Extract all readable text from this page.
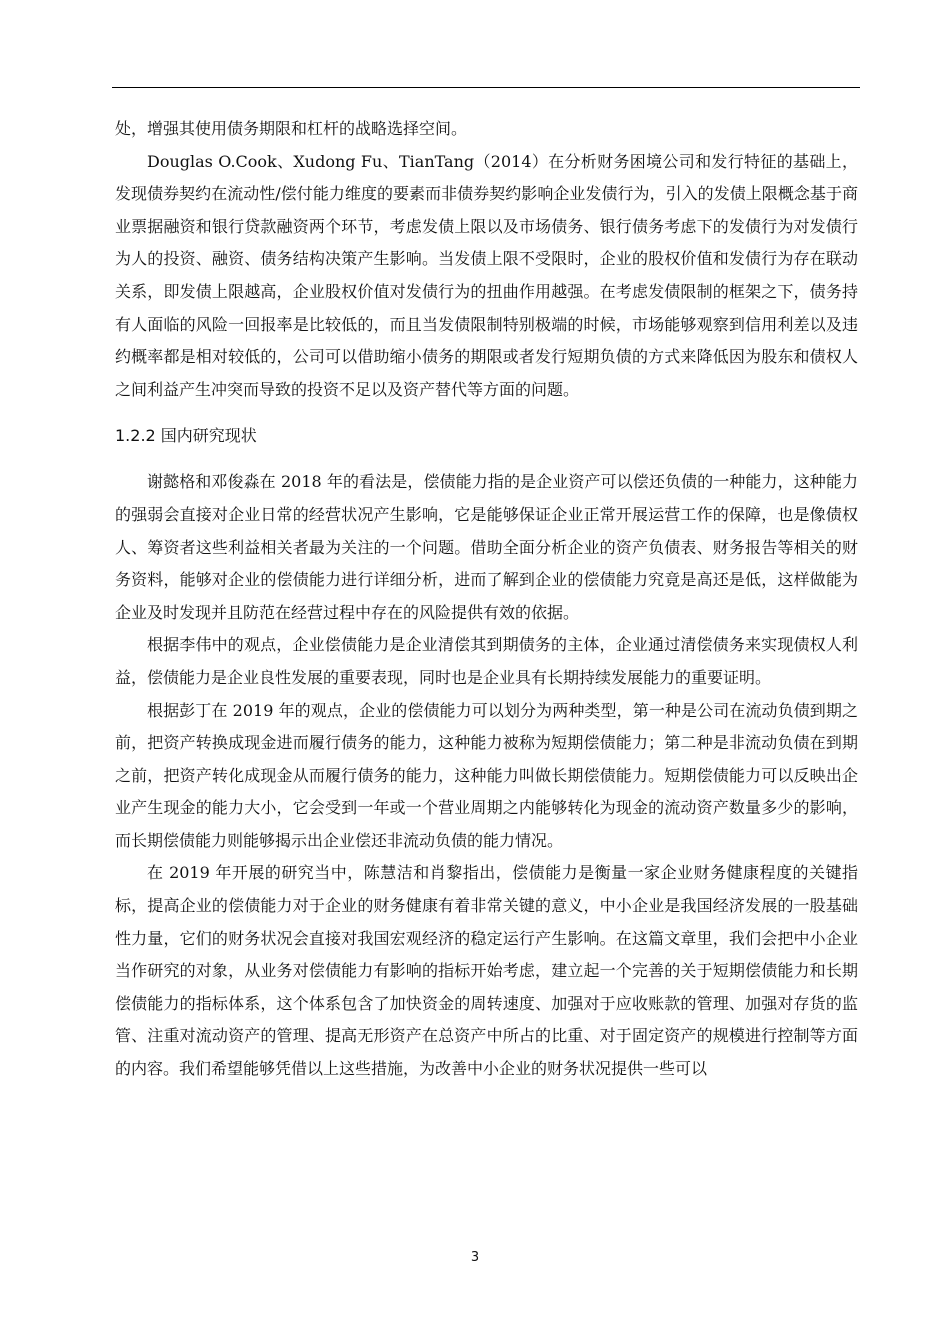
处，增强其使用债务期限和杠杆的战略选择空间。

Douglas O.Cook、Xudong Fu、TianTang（2014）在分析财务困境公司和发行特征的基础上，发现债券契约在流动性/偿付能力维度的要素而非债券契约影响企业发债行为，引入的发债上限概念基于商业票据融资和银行贷款融资两个环节，考虑发债上限以及市场债务、银行债务考虑下的发债行为对发债行为人的投资、融资、债务结构决策产生影响。当发债上限不受限时，企业的股权价值和发债行为存在联动关系，即发债上限越高，企业股权价值对发债行为的扭曲作用越强。在考虑发债限制的框架之下，债务持有人面临的风险一回报率是比较低的，而且当发债限制特别极端的时候，市场能够观察到信用利差以及违约概率都是相对较低的，公司可以借助缩小债务的期限或者发行短期负债的方式来降低因为股东和债权人之间利益产生冲突而导致的投资不足以及资产替代等方面的问题。

1.2.2 国内研究现状

谢懿格和邓俊淼在 2018 年的看法是，偿债能力指的是企业资产可以偿还负债的一种能力，这种能力的强弱会直接对企业日常的经营状况产生影响，它是能够保证企业正常开展运营工作的保障，也是像债权人、筹资者这些利益相关者最为关注的一个问题。借助全面分析企业的资产负债表、财务报告等相关的财务资料，能够对企业的偿债能力进行详细分析，进而了解到企业的偿债能力究竟是高还是低，这样做能为企业及时发现并且防范在经营过程中存在的风险提供有效的依据。

根据李伟中的观点，企业偿债能力是企业清偿其到期债务的主体，企业通过清偿债务来实现债权人利益，偿债能力是企业良性发展的重要表现，同时也是企业具有长期持续发展能力的重要证明。

根据彭丁在 2019 年的观点，企业的偿债能力可以划分为两种类型，第一种是公司在流动负债到期之前，把资产转换成现金进而履行债务的能力，这种能力被称为短期偿债能力；第二种是非流动负债在到期之前，把资产转化成现金从而履行债务的能力，这种能力叫做长期偿债能力。短期偿债能力可以反映出企业产生现金的能力大小，它会受到一年或一个营业周期之内能够转化为现金的流动资产数量多少的影响，而长期偿债能力则能够揭示出企业偿还非流动负债的能力情况。

在 2019 年开展的研究当中，陈慧洁和肖黎指出，偿债能力是衡量一家企业财务健康程度的关键指标，提高企业的偿债能力对于企业的财务健康有着非常关键的意义，中小企业是我国经济发展的一股基础性力量，它们的财务状况会直接对我国宏观经济的稳定运行产生影响。在这篇文章里，我们会把中小企业当作研究的对象，从业务对偿债能力有影响的指标开始考虑，建立起一个完善的关于短期偿债能力和长期偿债能力的指标体系，这个体系包含了加快资金的周转速度、加强对于应收账款的管理、加强对存货的监管、注重对流动资产的管理、提高无形资产在总资产中所占的比重、对于固定资产的规模进行控制等方面的内容。我们希望能够凭借以上这些措施，为改善中小企业的财务状况提供一些可以

3
